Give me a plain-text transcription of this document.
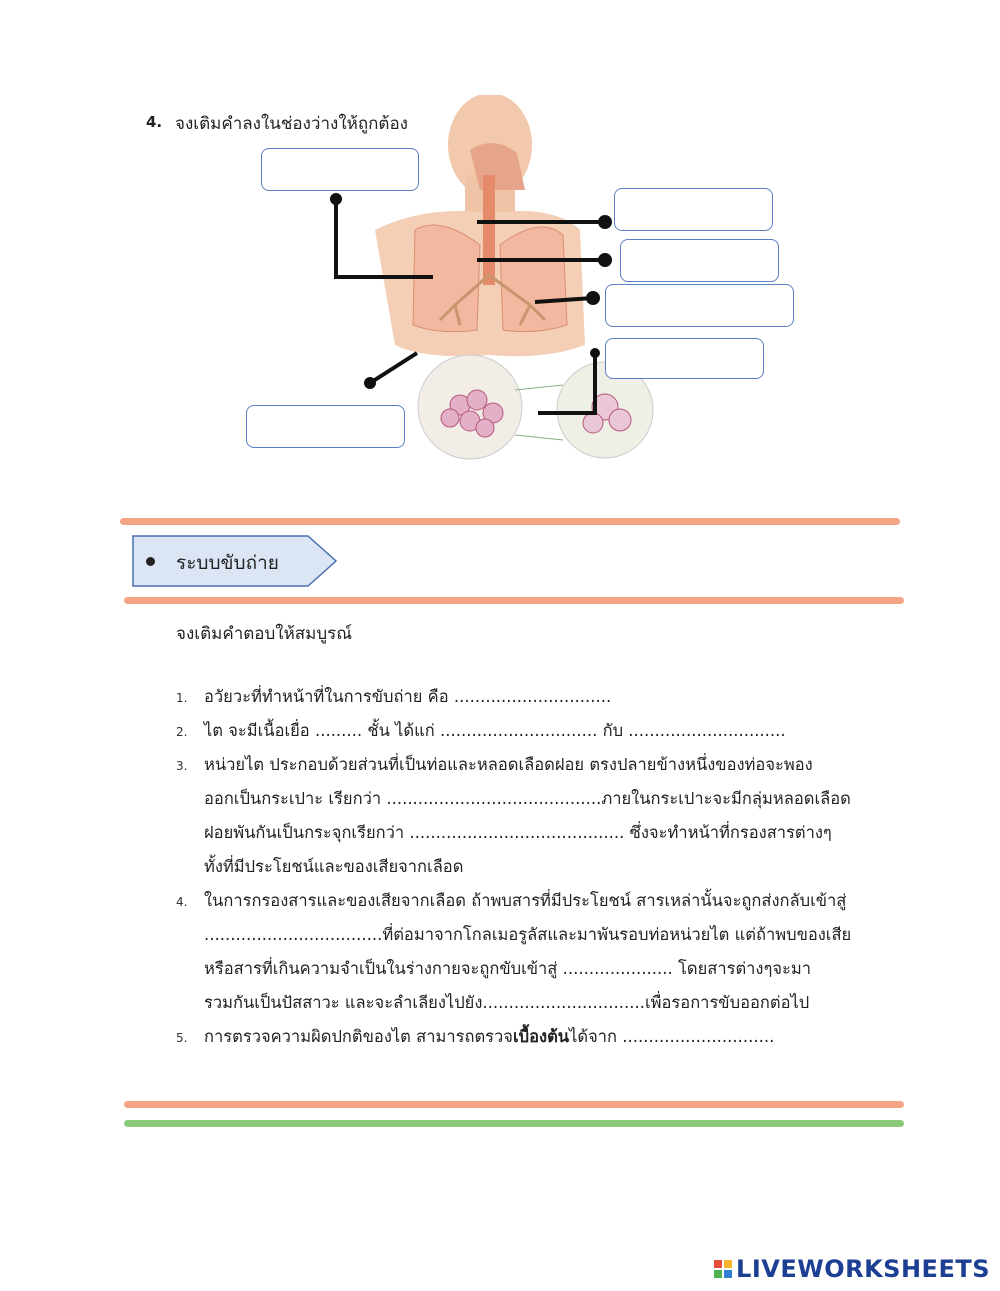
4. จงเติมคำลงในช่องว่างให้ถูกต้อง
ระบบขับถ่าย
จงเติมคำตอบให้สมบูรณ์
1. อวัยวะที่ทำหน้าที่ในการขับถ่าย คือ ..............................
2. ไต จะมีเนื้อเยื่อ ......... ชั้น ได้แก่ .............................. กับ ..............................
3. หน่วยไต ประกอบด้วยส่วนที่เป็นท่อและหลอดเลือดฝอย ตรงปลายข้างหนึ่งของท่อจะพอง
ออกเป็นกระเปาะ เรียกว่า .........................................ภายในกระเปาะจะมีกลุ่มหลอดเลือด
ฝอยพันกันเป็นกระจุกเรียกว่า ......................................... ซึ่งจะทำหน้าที่กรองสารต่างๆ
ทั้งที่มีประโยชน์และของเสียจากเลือด
4. ในการกรองสารและของเสียจากเลือด ถ้าพบสารที่มีประโยชน์ สารเหล่านั้นจะถูกส่งกลับเข้าสู่
..................................ที่ต่อมาจากโกลเมอรูลัสและมาพันรอบท่อหน่วยไต แต่ถ้าพบของเสีย
หรือสารที่เกินความจำเป็นในร่างกายจะถูกขับเข้าสู่ ..................... โดยสารต่างๆจะมา
รวมกันเป็นปัสสาวะ และจะลำเลียงไปยัง...............................เพื่อรอการขับออกต่อไป
5. การตรวจความผิดปกติของไต สามารถตรวจเบื้องต้นได้จาก .............................
LIVEWORKSHEETS
